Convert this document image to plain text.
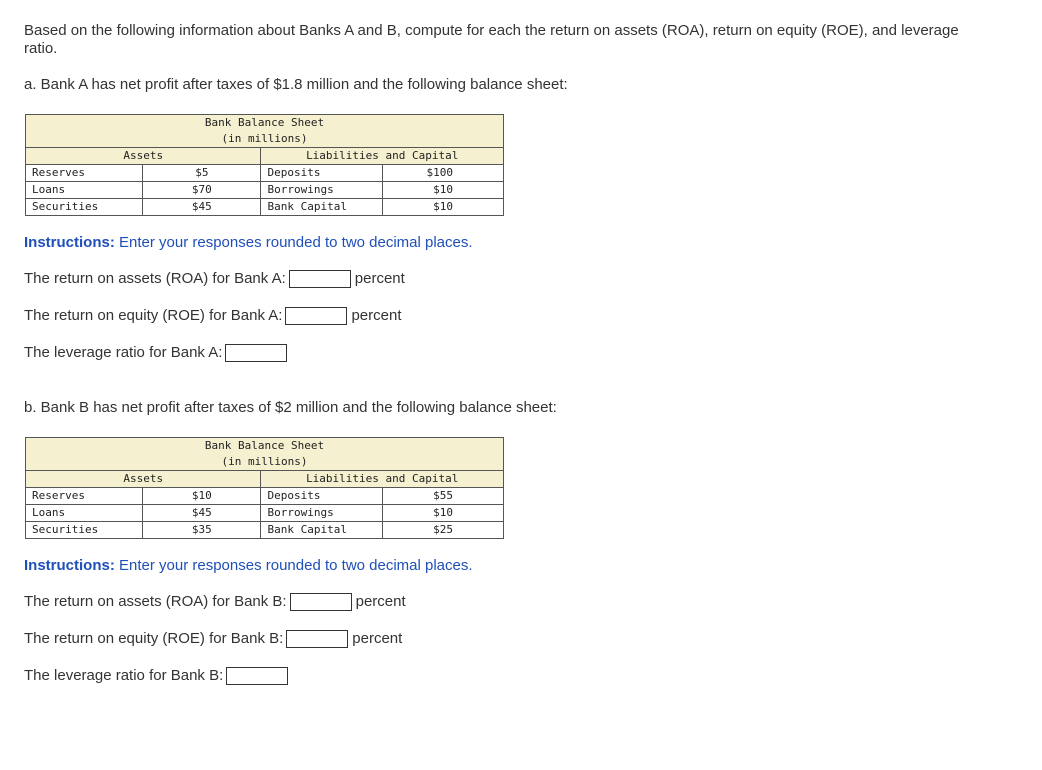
Based on the following information about Banks A and B, compute for each the return on assets (ROA), return on equity (ROE), and leverage ratio.
a. Bank A has net profit after taxes of $1.8 million and the following balance sheet:
Bank Balance Sheet			
(in millions)			
Assets		Liabilities and Capital	
Reserves	$5	Deposits	$100
Loans	$70	Borrowings	$10
Securities	$45	Bank Capital	$10
Instructions: Enter your responses rounded to two decimal places.
The return on assets (ROA) for Bank A:	percent
The return on equity (ROE) for Bank A:	percent
The leverage ratio for Bank A:
b. Bank B has net profit after taxes of $2 million and the following balance sheet:
Bank Balance Sheet			
(in millions)			
Assets		Liabilities and Capital	
Reserves	$10	Deposits	$55
Loans	$45	Borrowings	$10
Securities	$35	Bank Capital	$25
Instructions: Enter your responses rounded to two decimal places.
The return on assets (ROA) for Bank B:	percent
The return on equity (ROE) for Bank B:	percent
The leverage ratio for Bank B:
